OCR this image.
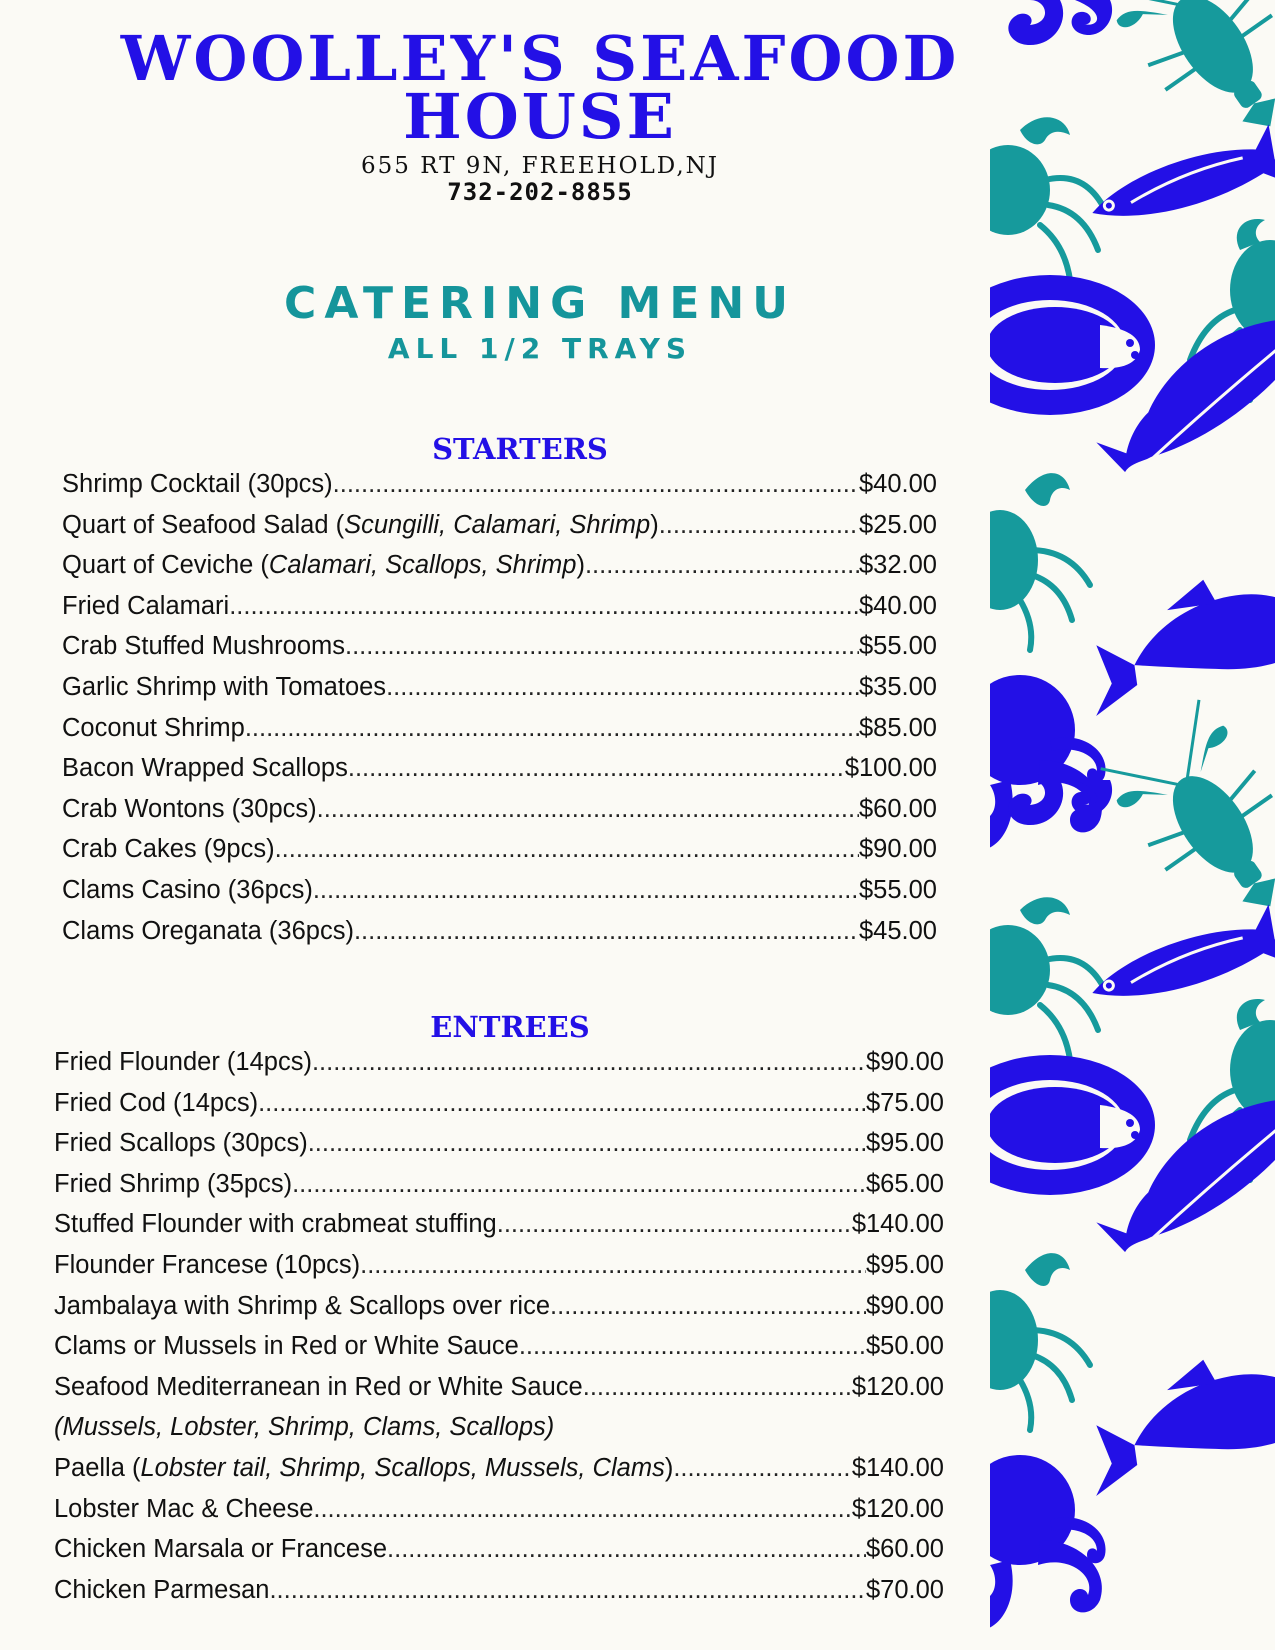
WOOLLEY'S SEAFOOD
HOUSE
655 RT 9N, FREEHOLD,NJ
732-202-8855
CATERING MENU
ALL 1/2 TRAYS
STARTERS
Shrimp Cocktail (30pcs) .....	$40.00
Quart of Seafood Salad (Scungilli, Calamari, Shrimp) .....	$25.00
Quart of Ceviche (Calamari, Scallops, Shrimp) .....	$32.00
Fried Calamari .....	$40.00
Crab Stuffed Mushrooms .....	$55.00
Garlic Shrimp with Tomatoes .....	$35.00
Coconut Shrimp .....	$85.00
Bacon Wrapped Scallops .....	$100.00
Crab Wontons (30pcs) .....	$60.00
Crab Cakes (9pcs) .....	$90.00
Clams Casino (36pcs) .....	$55.00
Clams Oreganata (36pcs) .....	$45.00
ENTREES
Fried Flounder (14pcs) .....	$90.00
Fried Cod (14pcs) .....	$75.00
Fried Scallops (30pcs) .....	$95.00
Fried Shrimp (35pcs) .....	$65.00
Stuffed Flounder with crabmeat stuffing .....	$140.00
Flounder Francese (10pcs) .....	$95.00
Jambalaya with Shrimp & Scallops over rice .....	$90.00
Clams or Mussels in Red or White Sauce .....	$50.00
Seafood Mediterranean in Red or White Sauce .....	$120.00
(Mussels, Lobster, Shrimp, Clams, Scallops)
Paella (Lobster tail, Shrimp, Scallops, Mussels, Clams) .....	$140.00
Lobster Mac & Cheese .....	$120.00
Chicken Marsala or Francese .....	$60.00
Chicken Parmesan .....	$70.00
